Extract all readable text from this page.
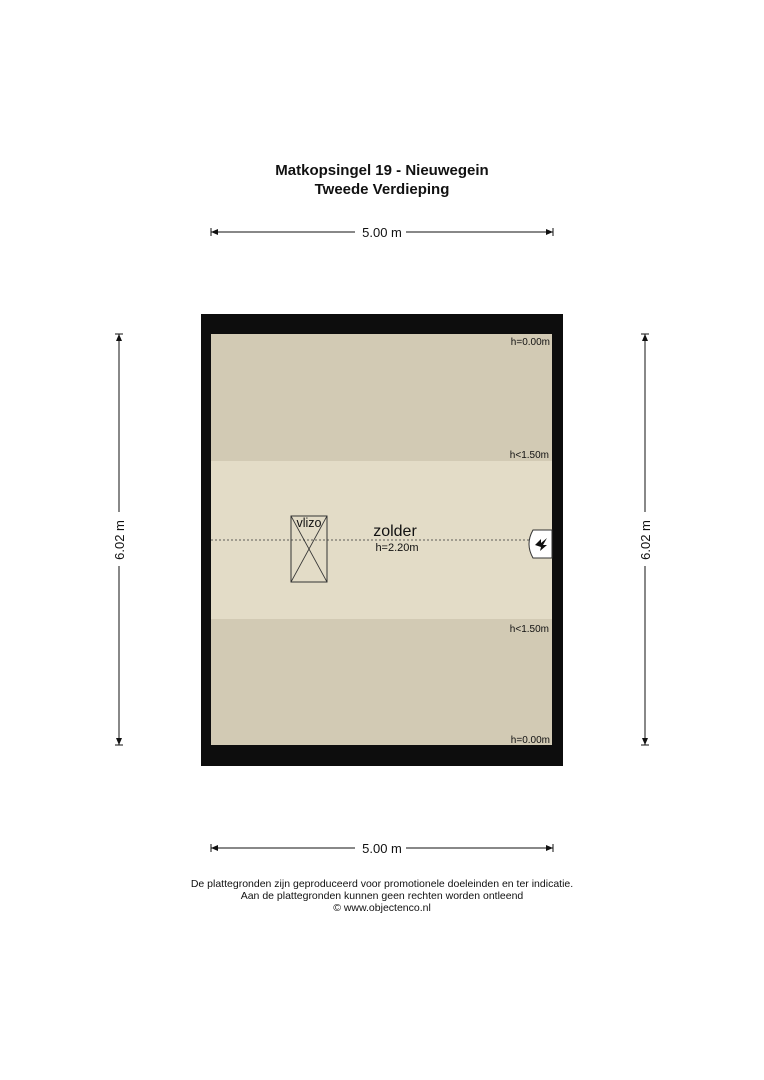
Matkopsingel 19 - Nieuwegein
Tweede Verdieping
5.00 m
5.00 m
6.02 m	6.02 m
vlizo	zolder
h=2.20m
h=0.00m
h<1.50m
h<1.50m
h=0.00m
De plattegronden zijn geproduceerd voor promotionele doeleinden en ter indicatie.
Aan de plattegronden kunnen geen rechten worden ontleend
© www.objectenco.nl
